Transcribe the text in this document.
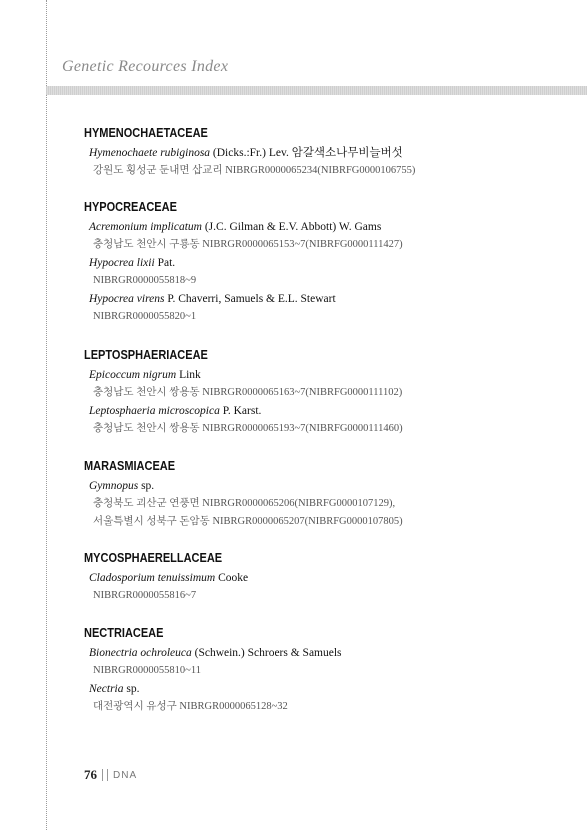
Genetic Recources Index
HYMENOCHAETACEAE
Hymenochaete rubiginosa (Dicks.:Fr.) Lev. 암갈색소나무비늘버섯
강원도 횡성군 둔내면 삽교리 NIBRGR0000065234(NIBRFG0000106755)
HYPOCREACEAE
Acremonium implicatum (J.C. Gilman & E.V. Abbott) W. Gams
충청남도 천안시 구룡동 NIBRGR0000065153~7(NIBRFG0000111427)
Hypocrea lixii Pat.
NIBRGR0000055818~9
Hypocrea virens P. Chaverri, Samuels & E.L. Stewart
NIBRGR0000055820~1
LEPTOSPHAERIACEAE
Epicoccum nigrum Link
충청남도 천안시 쌍용동 NIBRGR0000065163~7(NIBRFG0000111102)
Leptosphaeria microscopica P. Karst.
충청남도 천안시 쌍용동 NIBRGR0000065193~7(NIBRFG0000111460)
MARASMIACEAE
Gymnopus sp.
충청북도 괴산군 연풍면 NIBRGR0000065206(NIBRFG0000107129),
서울특별시 성북구 돈암동 NIBRGR0000065207(NIBRFG0000107805)
MYCOSPHAERELLACEAE
Cladosporium tenuissimum Cooke
NIBRGR0000055816~7
NECTRIACEAE
Bionectria ochroleuca (Schwein.) Schroers & Samuels
NIBRGR0000055810~11
Nectria sp.
대전광역시 유성구 NIBRGR0000065128~32
76 DNA
